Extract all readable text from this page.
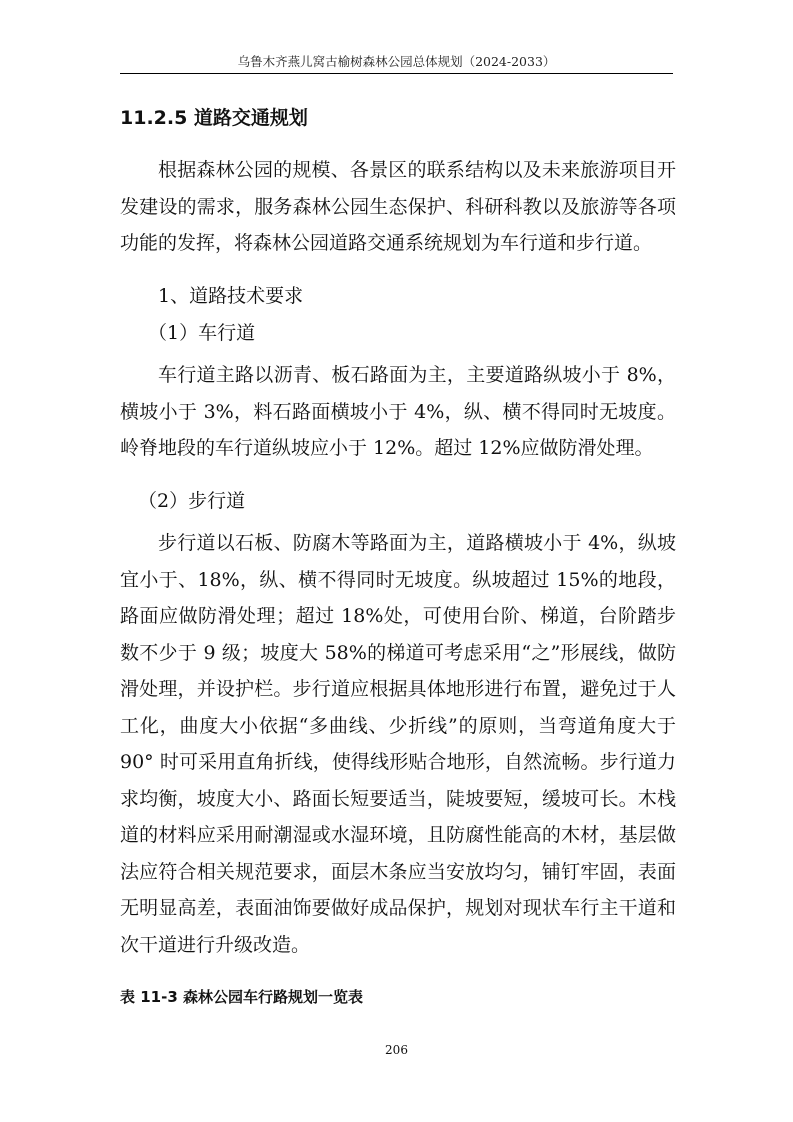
乌鲁木齐燕儿窝古榆树森林公园总体规划（2024-2033）
11.2.5 道路交通规划

根据森林公园的规模、各景区的联系结构以及未来旅游项目开发建设的需求，服务森林公园生态保护、科研科教以及旅游等各项功能的发挥，将森林公园道路交通系统规划为车行道和步行道。

1、道路技术要求
（1）车行道

车行道主路以沥青、板石路面为主，主要道路纵坡小于 8%，横坡小于 3%，料石路面横坡小于 4%，纵、横不得同时无坡度。岭脊地段的车行道纵坡应小于 12%。超过 12%应做防滑处理。

（2）步行道

步行道以石板、防腐木等路面为主，道路横坡小于 4%，纵坡宜小于、18%，纵、横不得同时无坡度。纵坡超过 15%的地段，路面应做防滑处理；超过 18%处，可使用台阶、梯道，台阶踏步数不少于 9 级；坡度大 58%的梯道可考虑采用“之”形展线，做防滑处理，并设护栏。步行道应根据具体地形进行布置，避免过于人工化，曲度大小依据“多曲线、少折线”的原则，当弯道角度大于 90° 时可采用直角折线，使得线形贴合地形，自然流畅。步行道力求均衡，坡度大小、路面长短要适当，陡坡要短，缓坡可长。木栈道的材料应采用耐潮湿或水湿环境，且防腐性能高的木材，基层做法应符合相关规范要求，面层木条应当安放均匀，铺钉牢固，表面无明显高差，表面油饰要做好成品保护，规划对现状车行主干道和次干道进行升级改造。

表 11-3 森林公园车行路规划一览表
206
